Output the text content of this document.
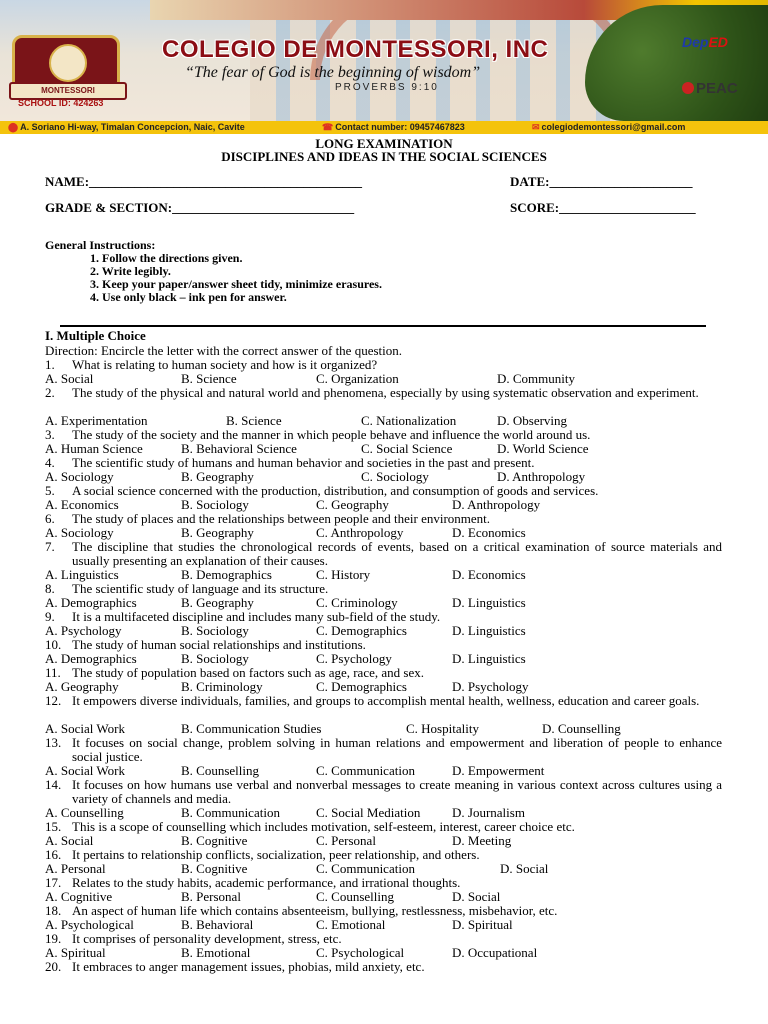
MONTESSORI
SCHOOL ID: 424263
COLEGIO DE MONTESSORI, INC
“The fear of God is the beginning of wisdom”
PROVERBS 9:10
DepED
PEAC
⬤ A. Soriano Hi-way, Timalan Concepcion, Naic, Cavite	☎ Contact number: 09457467823	✉ colegiodemontessori@gmail.com
LONG EXAMINATION
DISCIPLINES AND IDEAS IN THE SOCIAL SCIENCES
NAME:__________________________________________	DATE:______________________
GRADE & SECTION:____________________________	SCORE:_____________________
General Instructions:
1. Follow the directions given.
2. Write legibly.
3. Keep your paper/answer sheet tidy, minimize erasures.
4. Use only black – ink pen for answer.
I. Multiple Choice
Direction: Encircle the letter with the correct answer of the question.
1. What is relating to human society and how is it organized?
A. Social	B. Science	C. Organization	D. Community
2. The study of the physical and natural world and phenomena, especially by using systematic observation and experiment.
A. Experimentation	B. Science	C. Nationalization	D. Observing
3. The study of the society and the manner in which people behave and influence the world around us.
A. Human Science	B. Behavioral Science	C. Social Science	D. World Science
4. The scientific study of humans and human behavior and societies in the past and present.
A. Sociology	B. Geography	C. Sociology	D. Anthropology
5. A social science concerned with the production, distribution, and consumption of goods and services.
A. Economics	B. Sociology	C. Geography	D. Anthropology
6. The study of places and the relationships between people and their environment.
A. Sociology	B. Geography	C. Anthropology	D. Economics
7. The discipline that studies the chronological records of events, based on a critical examination of source materials and usually presenting an explanation of their causes.
A. Linguistics	B. Demographics	C. History	D. Economics
8. The scientific study of language and its structure.
A. Demographics	B. Geography	C. Criminology	D. Linguistics
9. It is a multifaceted discipline and includes many sub-field of the study.
A. Psychology	B. Sociology	C. Demographics	D. Linguistics
10. The study of human social relationships and institutions.
A. Demographics	B. Sociology	C. Psychology	D. Linguistics
11. The study of population based on factors such as age, race, and sex.
A. Geography	B. Criminology	C. Demographics	D. Psychology
12. It empowers diverse individuals, families, and groups to accomplish mental health, wellness, education and career goals.
A. Social Work	B. Communication Studies	C. Hospitality	D. Counselling
13. It focuses on social change, problem solving in human relations and empowerment and liberation of people to enhance social justice.
A. Social Work	B. Counselling	C. Communication	D. Empowerment
14. It focuses on how humans use verbal and nonverbal messages to create meaning in various context across cultures using a variety of channels and media.
A. Counselling	B. Communication	C. Social Mediation D. Journalism
15. This is a scope of counselling which includes motivation, self-esteem, interest, career choice etc.
A. Social	B. Cognitive	C. Personal	D. Meeting
16. It pertains to relationship conflicts, socialization, peer relationship, and others.
A. Personal	B. Cognitive	C. Communication	D. Social
17. Relates to the study habits, academic performance, and irrational thoughts.
A. Cognitive	B. Personal	C. Counselling	D. Social
18. An aspect of human life which contains absenteeism, bullying, restlessness, misbehavior, etc.
A. Psychological	B. Behavioral	C. Emotional	D. Spiritual
19. It comprises of personality development, stress, etc.
A. Spiritual	B. Emotional	C. Psychological	D. Occupational
20. It embraces to anger management issues, phobias, mild anxiety, etc.
